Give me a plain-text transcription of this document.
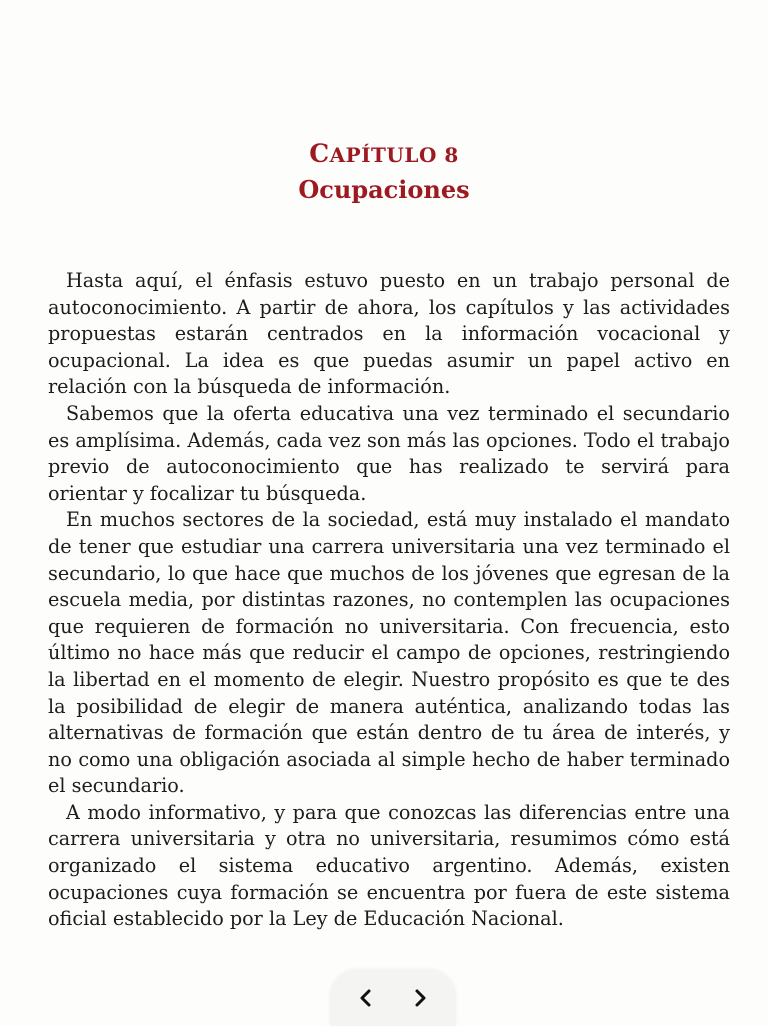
CAPÍTULO 8
Ocupaciones

Hasta aquí, el énfasis estuvo puesto en un trabajo personal de autoconocimiento. A partir de ahora, los capítulos y las actividades propuestas estarán centrados en la información vocacional y ocupacional. La idea es que puedas asumir un papel activo en relación con la búsqueda de información.

Sabemos que la oferta educativa una vez terminado el secundario es amplísima. Además, cada vez son más las opciones. Todo el trabajo previo de autoconocimiento que has realizado te servirá para orientar y focalizar tu búsqueda.

En muchos sectores de la sociedad, está muy instalado el mandato de tener que estudiar una carrera universitaria una vez terminado el secundario, lo que hace que muchos de los jóvenes que egresan de la escuela media, por distintas razones, no contemplen las ocupaciones que requieren de formación no universitaria. Con frecuencia, esto último no hace más que reducir el campo de opciones, restringiendo la libertad en el momento de elegir. Nuestro propósito es que te des la posibilidad de elegir de manera auténtica, analizando todas las alternativas de formación que están dentro de tu área de interés, y no como una obligación asociada al simple hecho de haber terminado el secundario.

A modo informativo, y para que conozcas las diferencias entre una carrera universitaria y otra no universitaria, resumimos cómo está organizado el sistema educativo argentino. Además, existen ocupaciones cuya formación se encuentra por fuera de este sistema oficial establecido por la Ley de Educación Nacional.
